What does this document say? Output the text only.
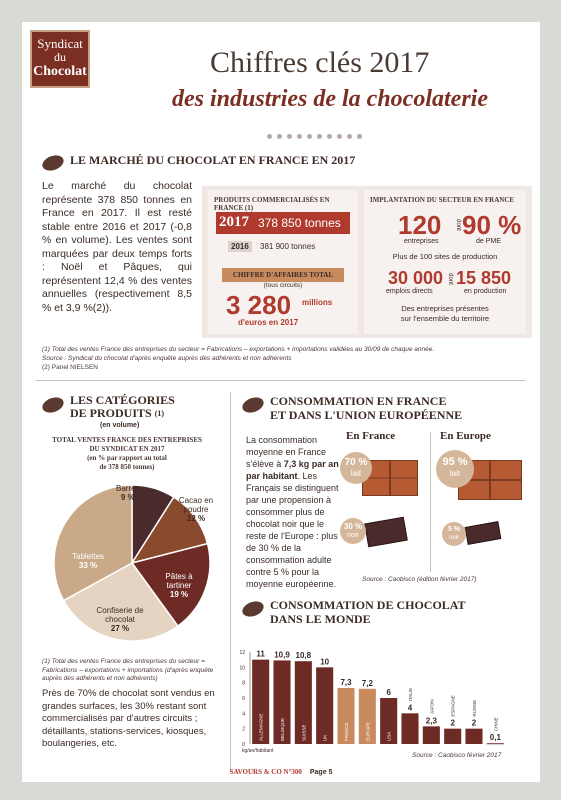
Syndicat
du
Chocolat	Chiffres clés 2017
des industries de la chocolaterie
LE MARCHÉ DU CHOCOLAT EN FRANCE EN 2017
Le marché du chocolat représente 378 850 tonnes en France en 2017. Il est resté stable entre 2016 et 2017 (-0,8 % en volume). Les ventes sont marquées par deux temps forts : Noël et Pâques, qui représentent 12,4 % des ventes annuelles (respectivement 8,5 % et 3,9 %(2)).
PRODUITS COMMERCIALISÉS EN FRANCE (1)
2017 378 850 tonnes
2016 381 900 tonnes
CHIFFRE D'AFFAIRES TOTAL
(tous circuits)
3 280 millions
d'euros en 2017
IMPLANTATION DU SECTEUR EN FRANCE
120
entreprises
dont 90 %
de PME
Plus de 100 sites de production
30 000
emplois directs
dont 15 850
en production
Des entreprises présentes
sur l'ensemble du territoire
(1) Total des ventes France des entreprises du secteur = Fabrications – exportations + importations validées au 30/09 de chaque année.
Source : Syndicat du chocolat d'après enquête auprès des adhérents et non adhérents
(2) Panel NIELSEN
LES CATÉGORIES
DE PRODUITS $^{(1)}$
(en volume)
TOTAL VENTES FRANCE DES ENTREPRISES
DU SYNDICAT EN 2017
(en % par rapport au total
de 378 850 tonnes)
Barres
9 %	Cacao en poudre
12 %
Pâtes à tartiner
19 %
Confiserie de chocolat
27 %
Tablettes
33 %
(1) Total des ventes France des entreprises du secteur = Fabrications – exportations + importations (d'après enquête auprès des adhérents et non adhérents)
Près de 70% de chocolat sont vendus en grandes surfaces, les 30% restant sont commercialisés par d'autres circuits ; détaillants, stations-services, kiosques, boulangeries, etc.
CONSOMMATION EN FRANCE
ET DANS L'UNION EUROPÉENNE
La consommation moyenne en France s'élève à 7,3 kg par an par habitant. Les Français se distinguent par une propension à consommer plus de chocolat noir que le reste de l'Europe : plus de 30 % de la consommation adulte contre 5 % pour la moyenne européenne.
En France	En Europe
70 %
lait
30 %
noir
95 %
lait
5 %
noir
Source : Caobisco (édition février 2017)
CONSOMMATION DE CHOCOLAT
DANS LE MONDE
0
2
4
6
8
10
12 11
ALLEMAGNE
10,9
BELGIQUE
10,8
SUISSE
10
UK
7,3
FRANCE
7,2
EUROPE
6
USA
4
ITALIE
2,3
JAPON
2
ESPAGNE
2
RUSSIE
0,1
CHINE
kg/an/habitant
Source : Caobisco février 2017
SAVOURS & CO N°300 Page 5
